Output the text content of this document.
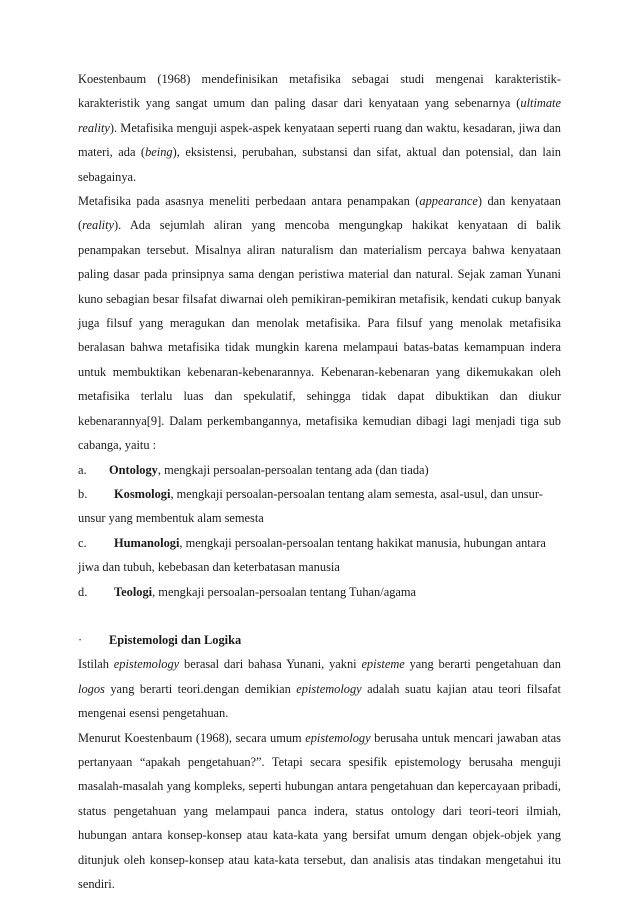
Koestenbaum (1968) mendefinisikan metafisika sebagai studi mengenai karakteristik-karakteristik yang sangat umum dan paling dasar dari kenyataan yang sebenarnya (ultimate reality). Metafisika menguji aspek-aspek kenyataan seperti ruang dan waktu, kesadaran, jiwa dan materi, ada (being), eksistensi, perubahan, substansi dan sifat, aktual dan potensial, dan lain sebagainya.

Metafisika pada asasnya meneliti perbedaan antara penampakan (appearance) dan kenyataan (reality). Ada sejumlah aliran yang mencoba mengungkap hakikat kenyataan di balik penampakan tersebut. Misalnya aliran naturalism dan materialism percaya bahwa kenyataan paling dasar pada prinsipnya sama dengan peristiwa material dan natural. Sejak zaman Yunani kuno sebagian besar filsafat diwarnai oleh pemikiran-pemikiran metafisik, kendati cukup banyak juga filsuf yang meragukan dan menolak metafisika. Para filsuf yang menolak metafisika beralasan bahwa metafisika tidak mungkin karena melampaui batas-batas kemampuan indera untuk membuktikan kebenaran-kebenarannya. Kebenaran-kebenaran yang dikemukakan oleh metafisika terlalu luas dan spekulatif, sehingga tidak dapat dibuktikan dan diukur kebenarannya[9]. Dalam perkembangannya, metafisika kemudian dibagi lagi menjadi tiga sub cabanga, yaitu :

a.	Ontology, mengkaji persoalan-persoalan tentang ada (dan tiada)
b.	Kosmologi, mengkaji persoalan-persoalan tentang alam semesta, asal-usul, dan unsur-

unsur yang membentuk alam semesta

c.	Humanologi, mengkaji persoalan-persoalan tentang hakikat manusia, hubungan antara

jiwa dan tubuh, kebebasan dan keterbatasan manusia

d.	Teologi, mengkaji persoalan-persoalan tentang Tuhan/agama
·	Epistemologi dan Logika

Istilah epistemology berasal dari bahasa Yunani, yakni episteme yang berarti pengetahuan dan logos yang berarti teori.dengan demikian epistemology adalah suatu kajian atau teori filsafat mengenai esensi pengetahuan.

Menurut Koestenbaum (1968), secara umum epistemology berusaha untuk mencari jawaban atas pertanyaan “apakah pengetahuan?”. Tetapi secara spesifik epistemology berusaha menguji masalah-masalah yang kompleks, seperti hubungan antara pengetahuan dan kepercayaan pribadi, status pengetahuan yang melampaui panca indera, status ontology dari teori-teori ilmiah, hubungan antara konsep-konsep atau kata-kata yang bersifat umum dengan objek-objek yang ditunjuk oleh konsep-konsep atau kata-kata tersebut, dan analisis atas tindakan mengetahui itu sendiri.
